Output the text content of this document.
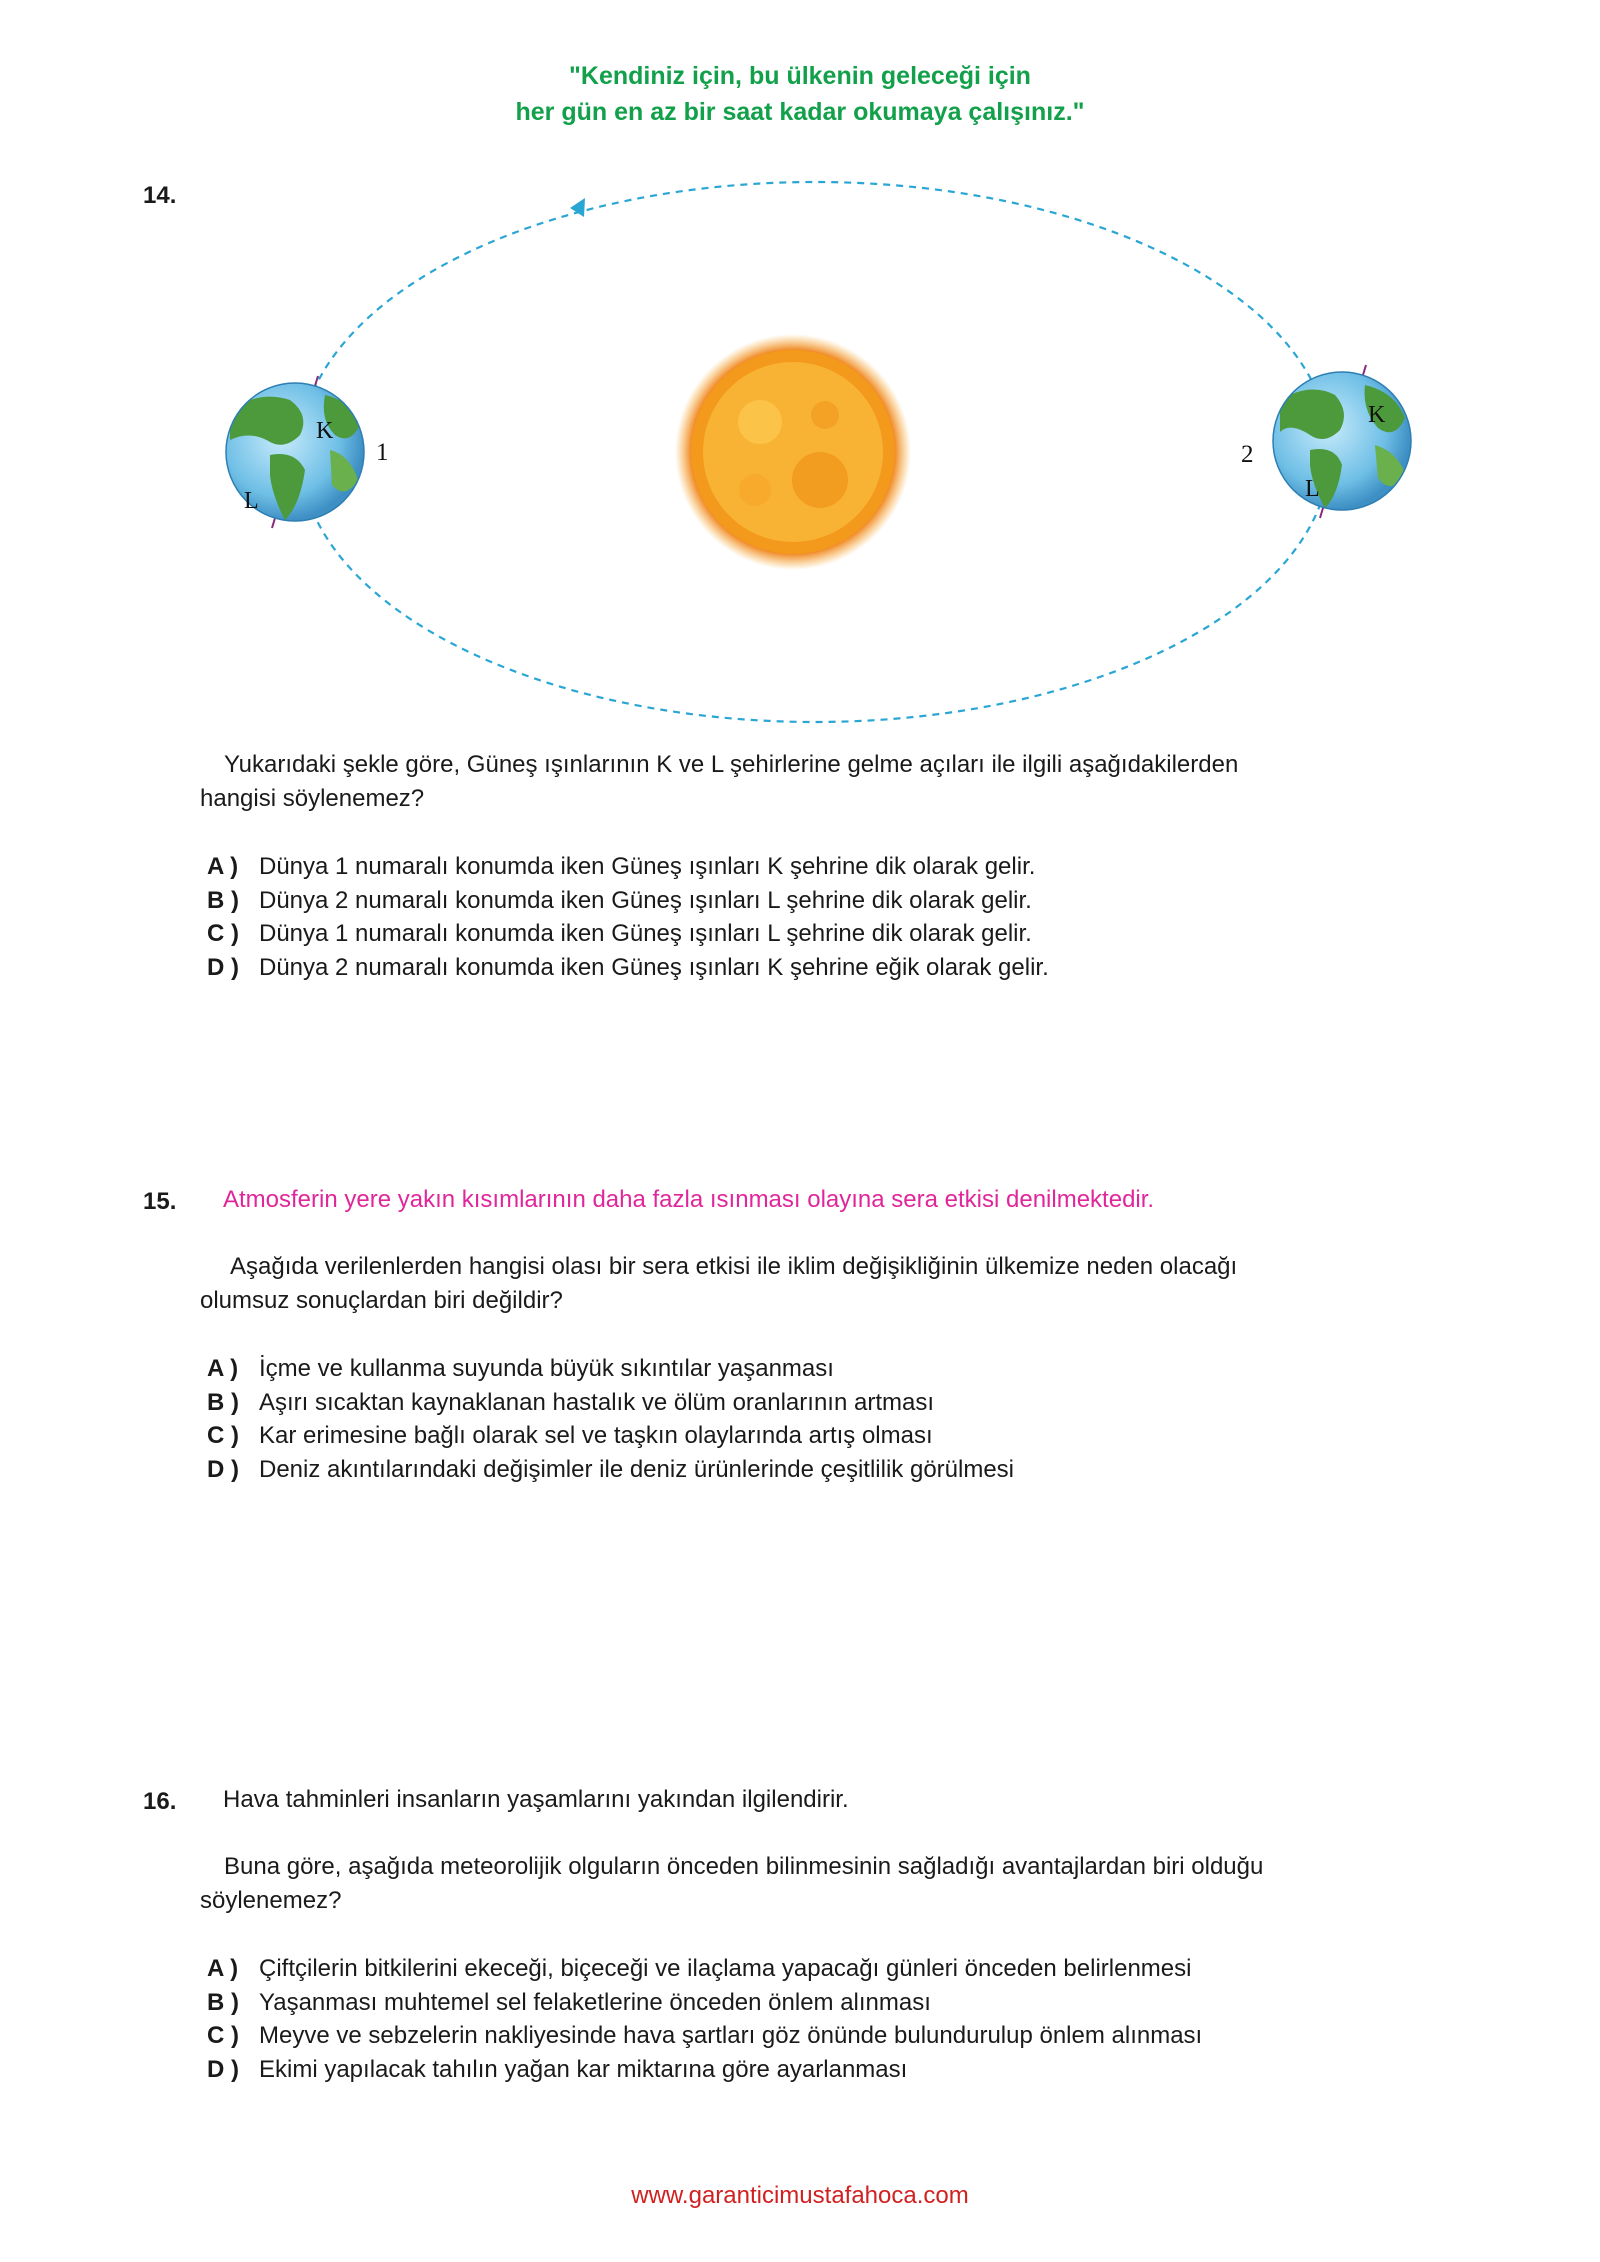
"Kendiniz için, bu ülkenin geleceği için
her gün en az bir saat kadar okumaya çalışınız."
14.
K
L
1	2
K
L
Yukarıdaki şekle göre, Güneş ışınlarının K ve L şehirlerine gelme açıları ile ilgili aşağıdakilerden
hangisi söylenemez?
A ) Dünya 1 numaralı konumda iken Güneş ışınları K şehrine dik olarak gelir.
B ) Dünya 2 numaralı konumda iken Güneş ışınları L şehrine dik olarak gelir.
C ) Dünya 1 numaralı konumda iken Güneş ışınları L şehrine dik olarak gelir.
D ) Dünya 2 numaralı konumda iken Güneş ışınları K şehrine eğik olarak gelir.
15. Atmosferin yere yakın kısımlarının daha fazla ısınması olayına sera etkisi denilmektedir.
Aşağıda verilenlerden hangisi olası bir sera etkisi ile iklim değişikliğinin ülkemize neden olacağı
olumsuz sonuçlardan biri değildir?
A ) İçme ve kullanma suyunda büyük sıkıntılar yaşanması
B ) Aşırı sıcaktan kaynaklanan hastalık ve ölüm oranlarının artması
C ) Kar erimesine bağlı olarak sel ve taşkın olaylarında artış olması
D ) Deniz akıntılarındaki değişimler ile deniz ürünlerinde çeşitlilik görülmesi
16. Hava tahminleri insanların yaşamlarını yakından ilgilendirir.
Buna göre, aşağıda meteorolijik olguların önceden bilinmesinin sağladığı avantajlardan biri olduğu
söylenemez?
A ) Çiftçilerin bitkilerini ekeceği, biçeceği ve ilaçlama yapacağı günleri önceden belirlenmesi
B ) Yaşanması muhtemel sel felaketlerine önceden önlem alınması
C ) Meyve ve sebzelerin nakliyesinde hava şartları göz önünde bulundurulup önlem alınması
D ) Ekimi yapılacak tahılın yağan kar miktarına göre ayarlanması
www.garanticimustafahoca.com
